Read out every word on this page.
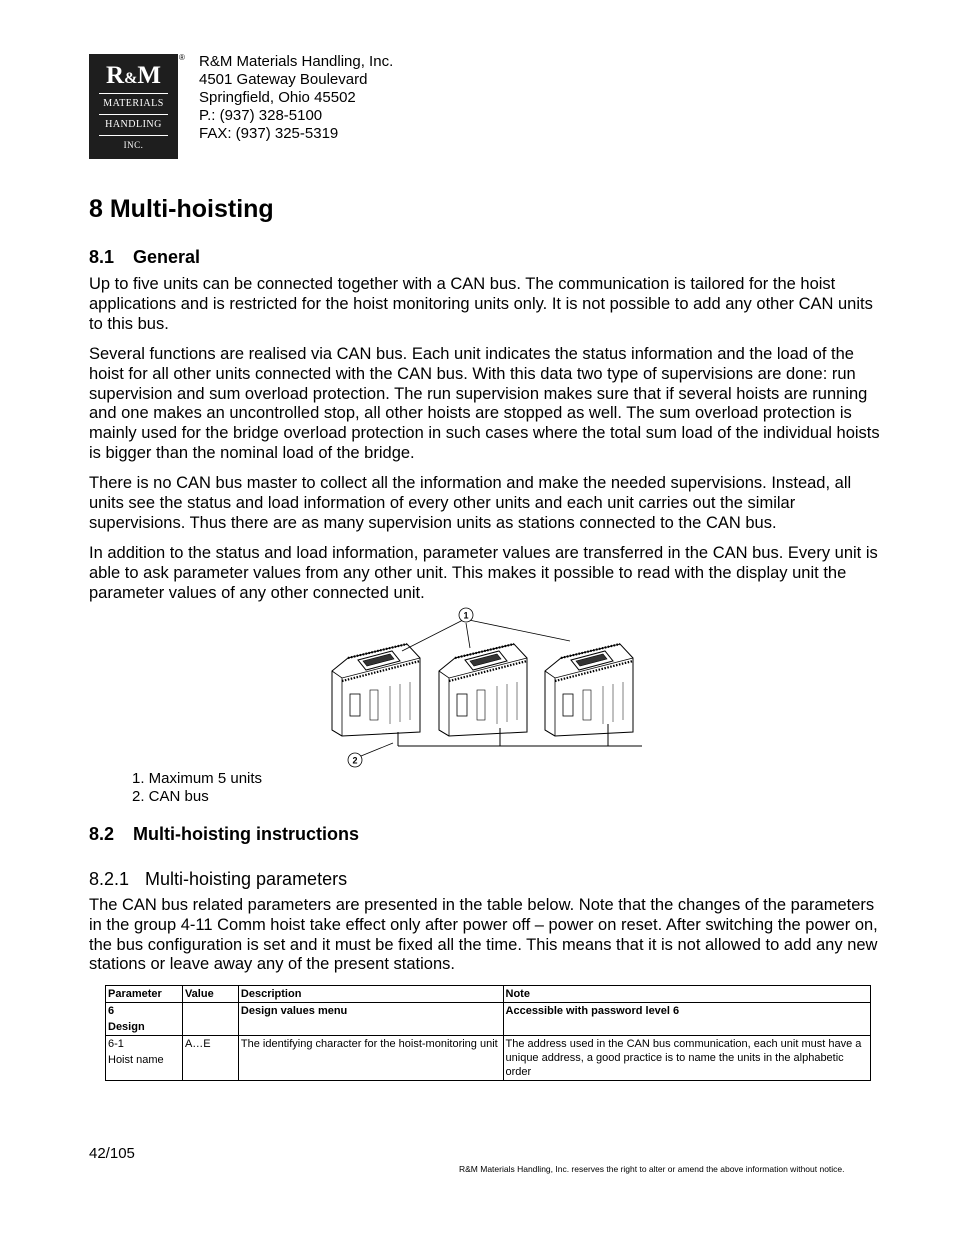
R&M
MATERIALS
HANDLING
INC.
® R&M Materials Handling, Inc.
4501 Gateway Boulevard
Springfield, Ohio 45502
P.: (937) 328-5100
FAX: (937) 325-5319
8 Multi-hoisting
8.1 General

Up to five units can be connected together with a CAN bus. The communication is tailored for the hoist applications and is restricted for the hoist monitoring units only. It is not possible to add any other CAN units to this bus.

Several functions are realised via CAN bus. Each unit indicates the status information and the load of the hoist for all other units connected with the CAN bus. With this data two type of supervisions are done: run supervision and sum overload protection. The run supervision makes sure that if several hoists are running and one makes an uncontrolled stop, all other hoists are stopped as well. The sum overload protection is mainly used for the bridge overload protection in such cases where the total sum load of the individual hoists is bigger than the nominal load of the bridge.

There is no CAN bus master to collect all the information and make the needed supervisions. Instead, all units see the status and load information of every other units and each unit carries out the similar supervisions. Thus there are as many supervision units as stations connected to the CAN bus.

In addition to the status and load information, parameter values are transferred in the CAN bus. Every unit is able to ask parameter values from any other unit. This makes it possible to read with the display unit the parameter values of any other connected unit.

1
2
1. Maximum 5 units
2. CAN bus
8.2 Multi-hoisting instructions
8.2.1 Multi-hoisting parameters

The CAN bus related parameters are presented in the table below. Note that the changes of the parameters in the group 4-11 Comm hoist take effect only after power off – power on reset. After switching the power on, the bus configuration is set and it must be fixed all the time. This means that it is not allowed to add any new stations or leave away any of the present stations.

Parameter	Value	Description	Note

6
Design		Design values menu	Accessible with password level 6

6-1
Hoist name	A…E	The identifying character for the hoist-monitoring unit	The address used in the CAN bus communication, each unit must have a unique address, a good practice is to name the units in the alphabetic order
42/105
R&M Materials Handling, Inc. reserves the right to alter or amend the above information without notice.
